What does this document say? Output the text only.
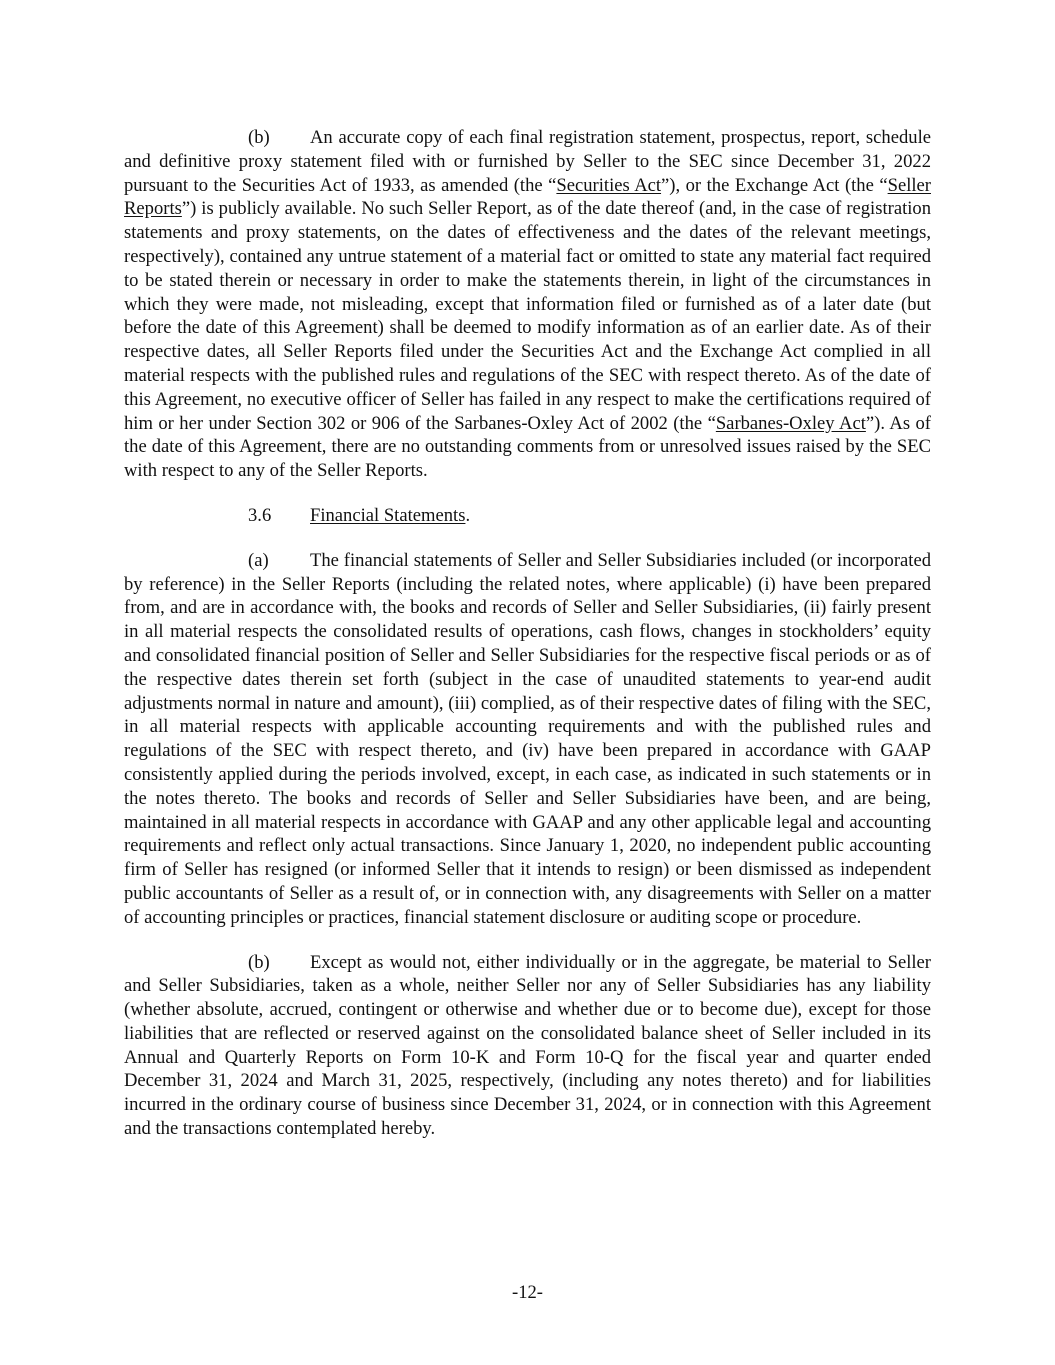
(b) An accurate copy of each final registration statement, prospectus, report, schedule and definitive proxy statement filed with or furnished by Seller to the SEC since December 31, 2022 pursuant to the Securities Act of 1933, as amended (the “Securities Act”), or the Exchange Act (the “Seller Reports”) is publicly available. No such Seller Report, as of the date thereof (and, in the case of registration statements and proxy statements, on the dates of effectiveness and the dates of the relevant meetings, respectively), contained any untrue statement of a material fact or omitted to state any material fact required to be stated therein or necessary in order to make the statements therein, in light of the circumstances in which they were made, not misleading, except that information filed or furnished as of a later date (but before the date of this Agreement) shall be deemed to modify information as of an earlier date. As of their respective dates, all Seller Reports filed under the Securities Act and the Exchange Act complied in all material respects with the published rules and regulations of the SEC with respect thereto. As of the date of this Agreement, no executive officer of Seller has failed in any respect to make the certifications required of him or her under Section 302 or 906 of the Sarbanes-Oxley Act of 2002 (the “Sarbanes-Oxley Act”). As of the date of this Agreement, there are no outstanding comments from or unresolved issues raised by the SEC with respect to any of the Seller Reports.

3.6 Financial Statements.

(a) The financial statements of Seller and Seller Subsidiaries included (or incorporated by reference) in the Seller Reports (including the related notes, where applicable) (i) have been prepared from, and are in accordance with, the books and records of Seller and Seller Subsidiaries, (ii) fairly present in all material respects the consolidated results of operations, cash flows, changes in stockholders’ equity and consolidated financial position of Seller and Seller Subsidiaries for the respective fiscal periods or as of the respective dates therein set forth (subject in the case of unaudited statements to year-end audit adjustments normal in nature and amount), (iii) complied, as of their respective dates of filing with the SEC, in all material respects with applicable accounting requirements and with the published rules and regulations of the SEC with respect thereto, and (iv) have been prepared in accordance with GAAP consistently applied during the periods involved, except, in each case, as indicated in such statements or in the notes thereto. The books and records of Seller and Seller Subsidiaries have been, and are being, maintained in all material respects in accordance with GAAP and any other applicable legal and accounting requirements and reflect only actual transactions. Since January 1, 2020, no independent public accounting firm of Seller has resigned (or informed Seller that it intends to resign) or been dismissed as independent public accountants of Seller as a result of, or in connection with, any disagreements with Seller on a matter of accounting principles or practices, financial statement disclosure or auditing scope or procedure.

(b) Except as would not, either individually or in the aggregate, be material to Seller and Seller Subsidiaries, taken as a whole, neither Seller nor any of Seller Subsidiaries has any liability (whether absolute, accrued, contingent or otherwise and whether due or to become due), except for those liabilities that are reflected or reserved against on the consolidated balance sheet of Seller included in its Annual and Quarterly Reports on Form 10-K and Form 10-Q for the fiscal year and quarter ended December 31, 2024 and March 31, 2025, respectively, (including any notes thereto) and for liabilities incurred in the ordinary course of business since December 31, 2024, or in connection with this Agreement and the transactions contemplated hereby.

-12-
